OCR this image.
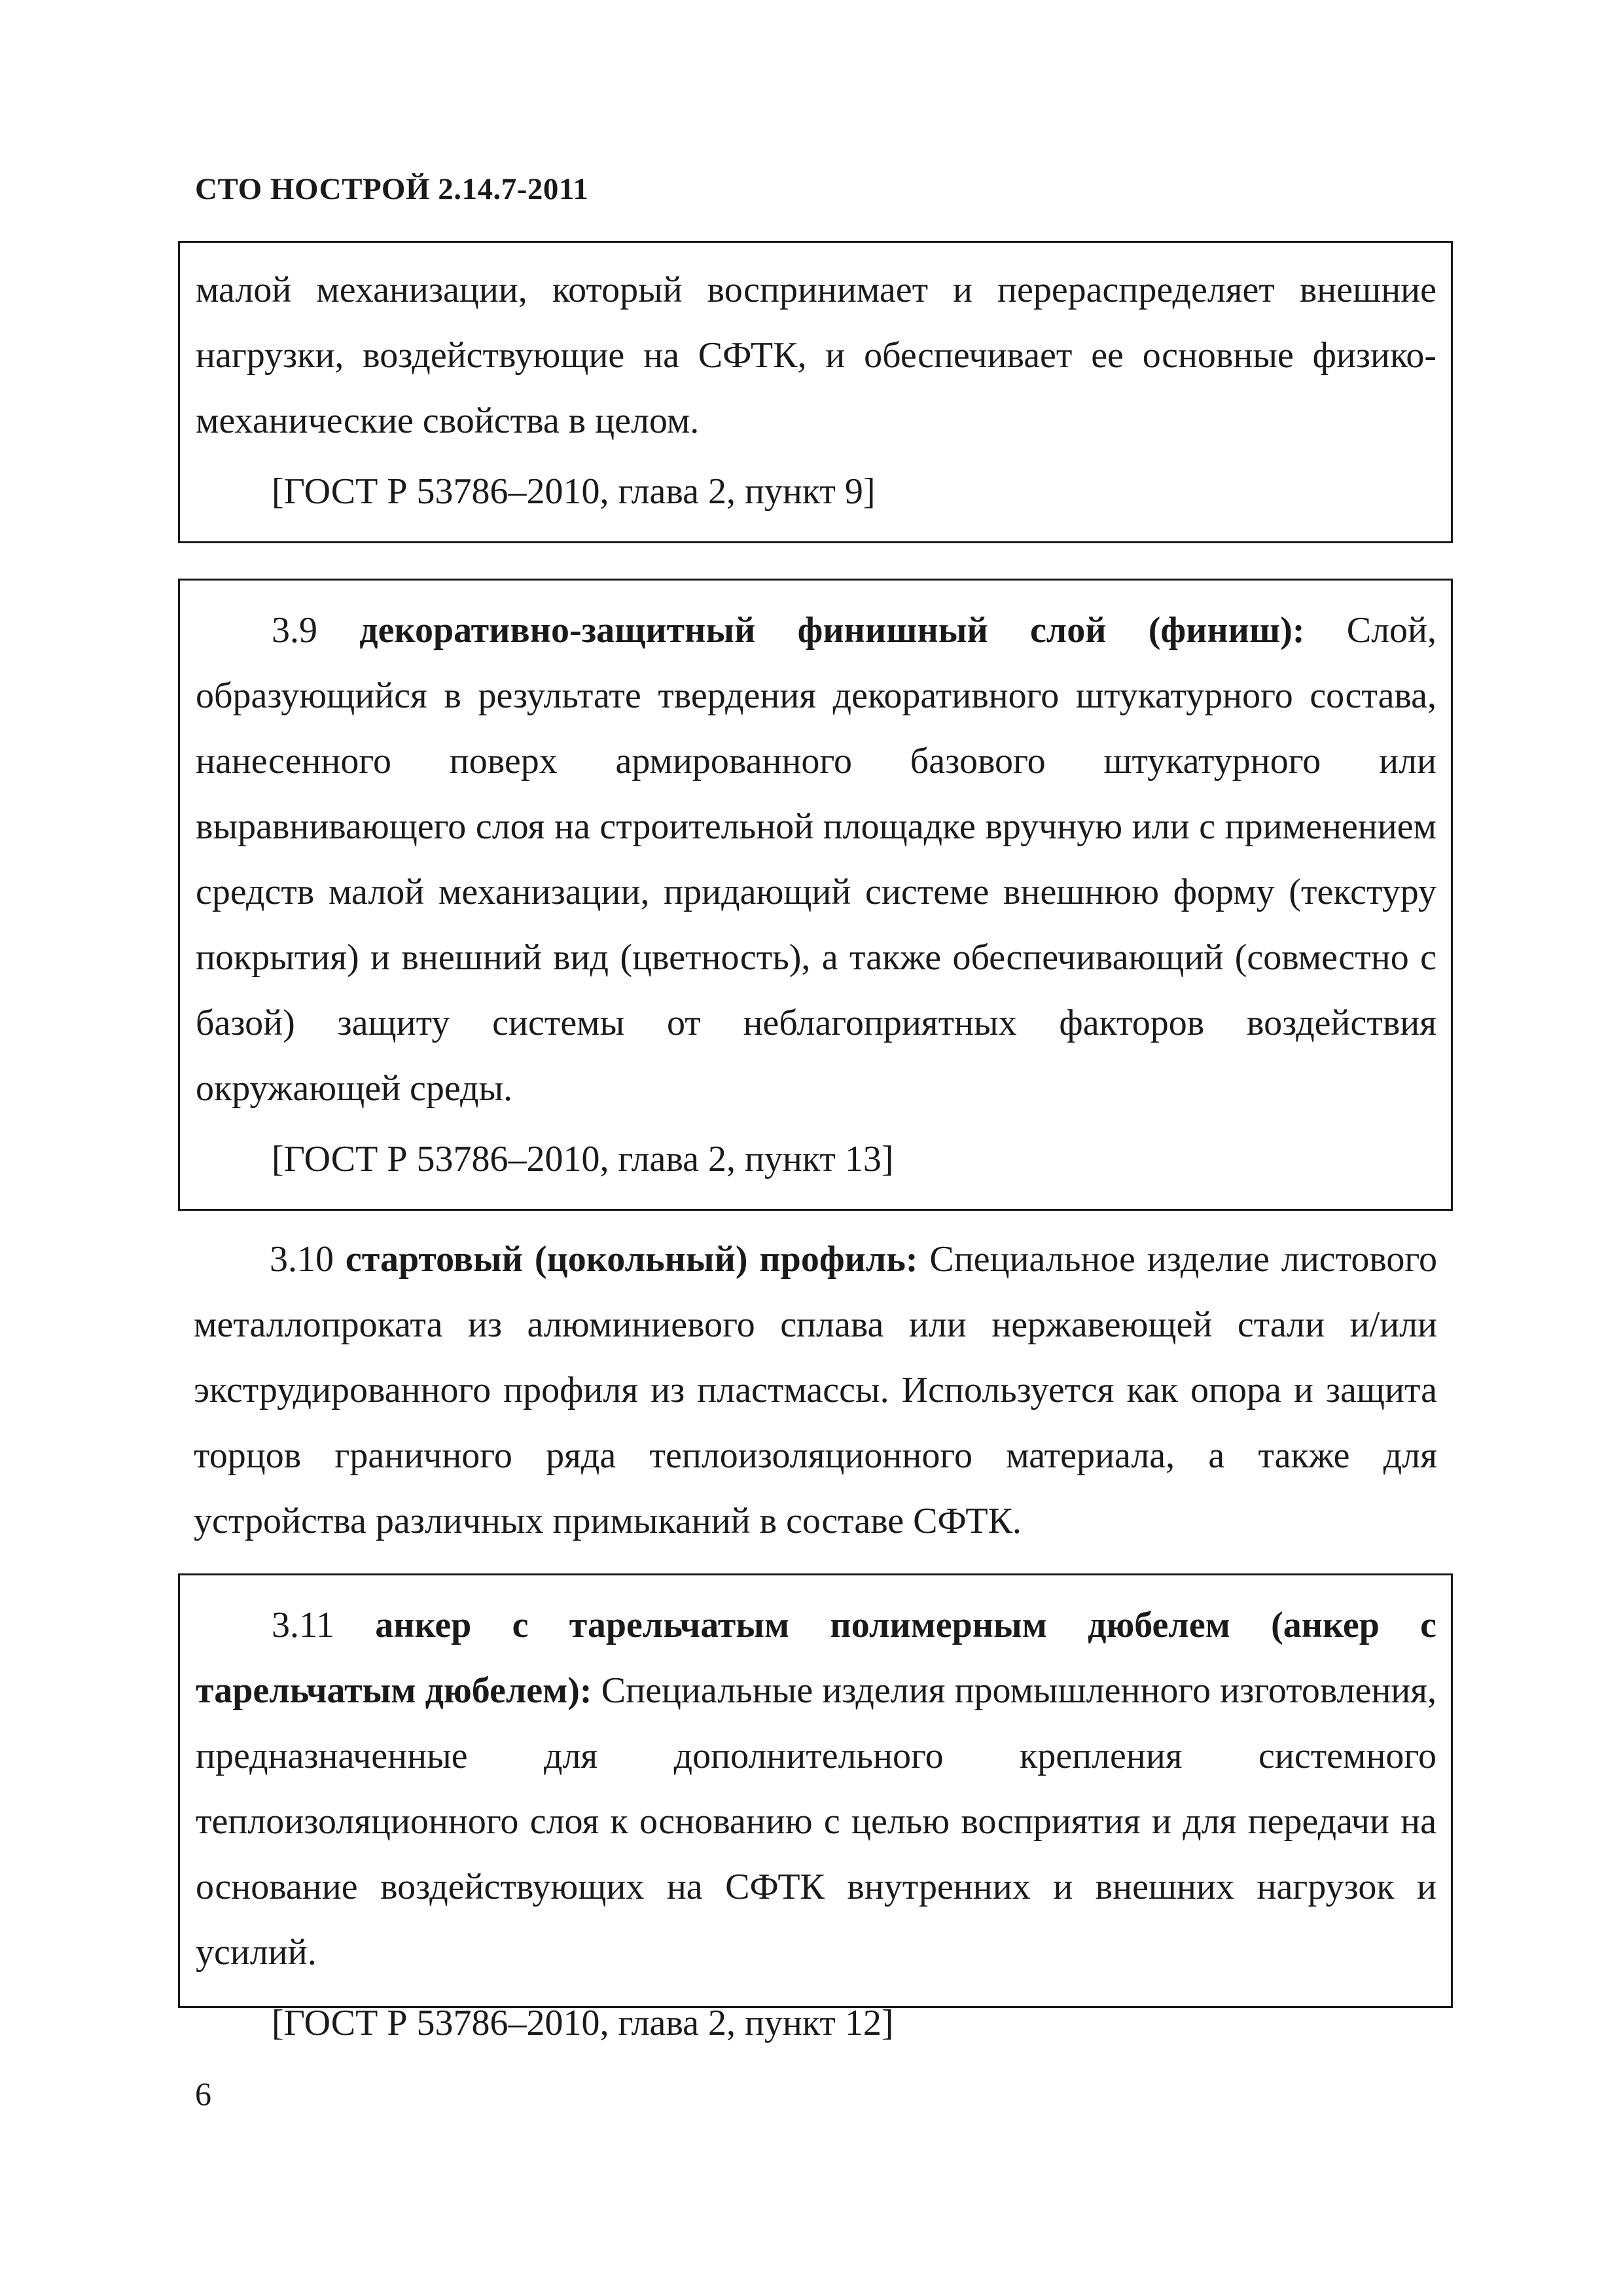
СТО НОСТРОЙ 2.14.7-2011

малой механизации, который воспринимает и перераспределяет внешние нагрузки, воздействующие на СФТК, и обеспечивает ее основные физико-механические свойства в целом.

[ГОСТ Р 53786–2010, глава 2, пункт 9]

3.9 декоративно-защитный финишный слой (финиш): Слой, образующийся в результате твердения декоративного штукатурного состава, нанесенного поверх армированного базового штукатурного или выравнивающего слоя на строительной площадке вручную или с применением средств малой механизации, придающий системе внешнюю форму (текстуру покрытия) и внешний вид (цветность), а также обеспечивающий (совместно с базой) защиту системы от неблагоприятных факторов воздействия окружающей среды.

[ГОСТ Р 53786–2010, глава 2, пункт 13]

3.10 стартовый (цокольный) профиль: Специальное изделие листового металлопроката из алюминиевого сплава или нержавеющей стали и/или экструдированного профиля из пластмассы. Используется как опора и защита торцов граничного ряда теплоизоляционного материала, а также для устройства различных примыканий в составе СФТК.

3.11 анкер с тарельчатым полимерным дюбелем (анкер с тарельчатым дюбелем): Специальные изделия промышленного изготовления, предназначенные для дополнительного крепления системного теплоизоляционного слоя к основанию с целью восприятия и для передачи на основание воздействующих на СФТК внутренних и внешних нагрузок и усилий.

[ГОСТ Р 53786–2010, глава 2, пункт 12]

6
